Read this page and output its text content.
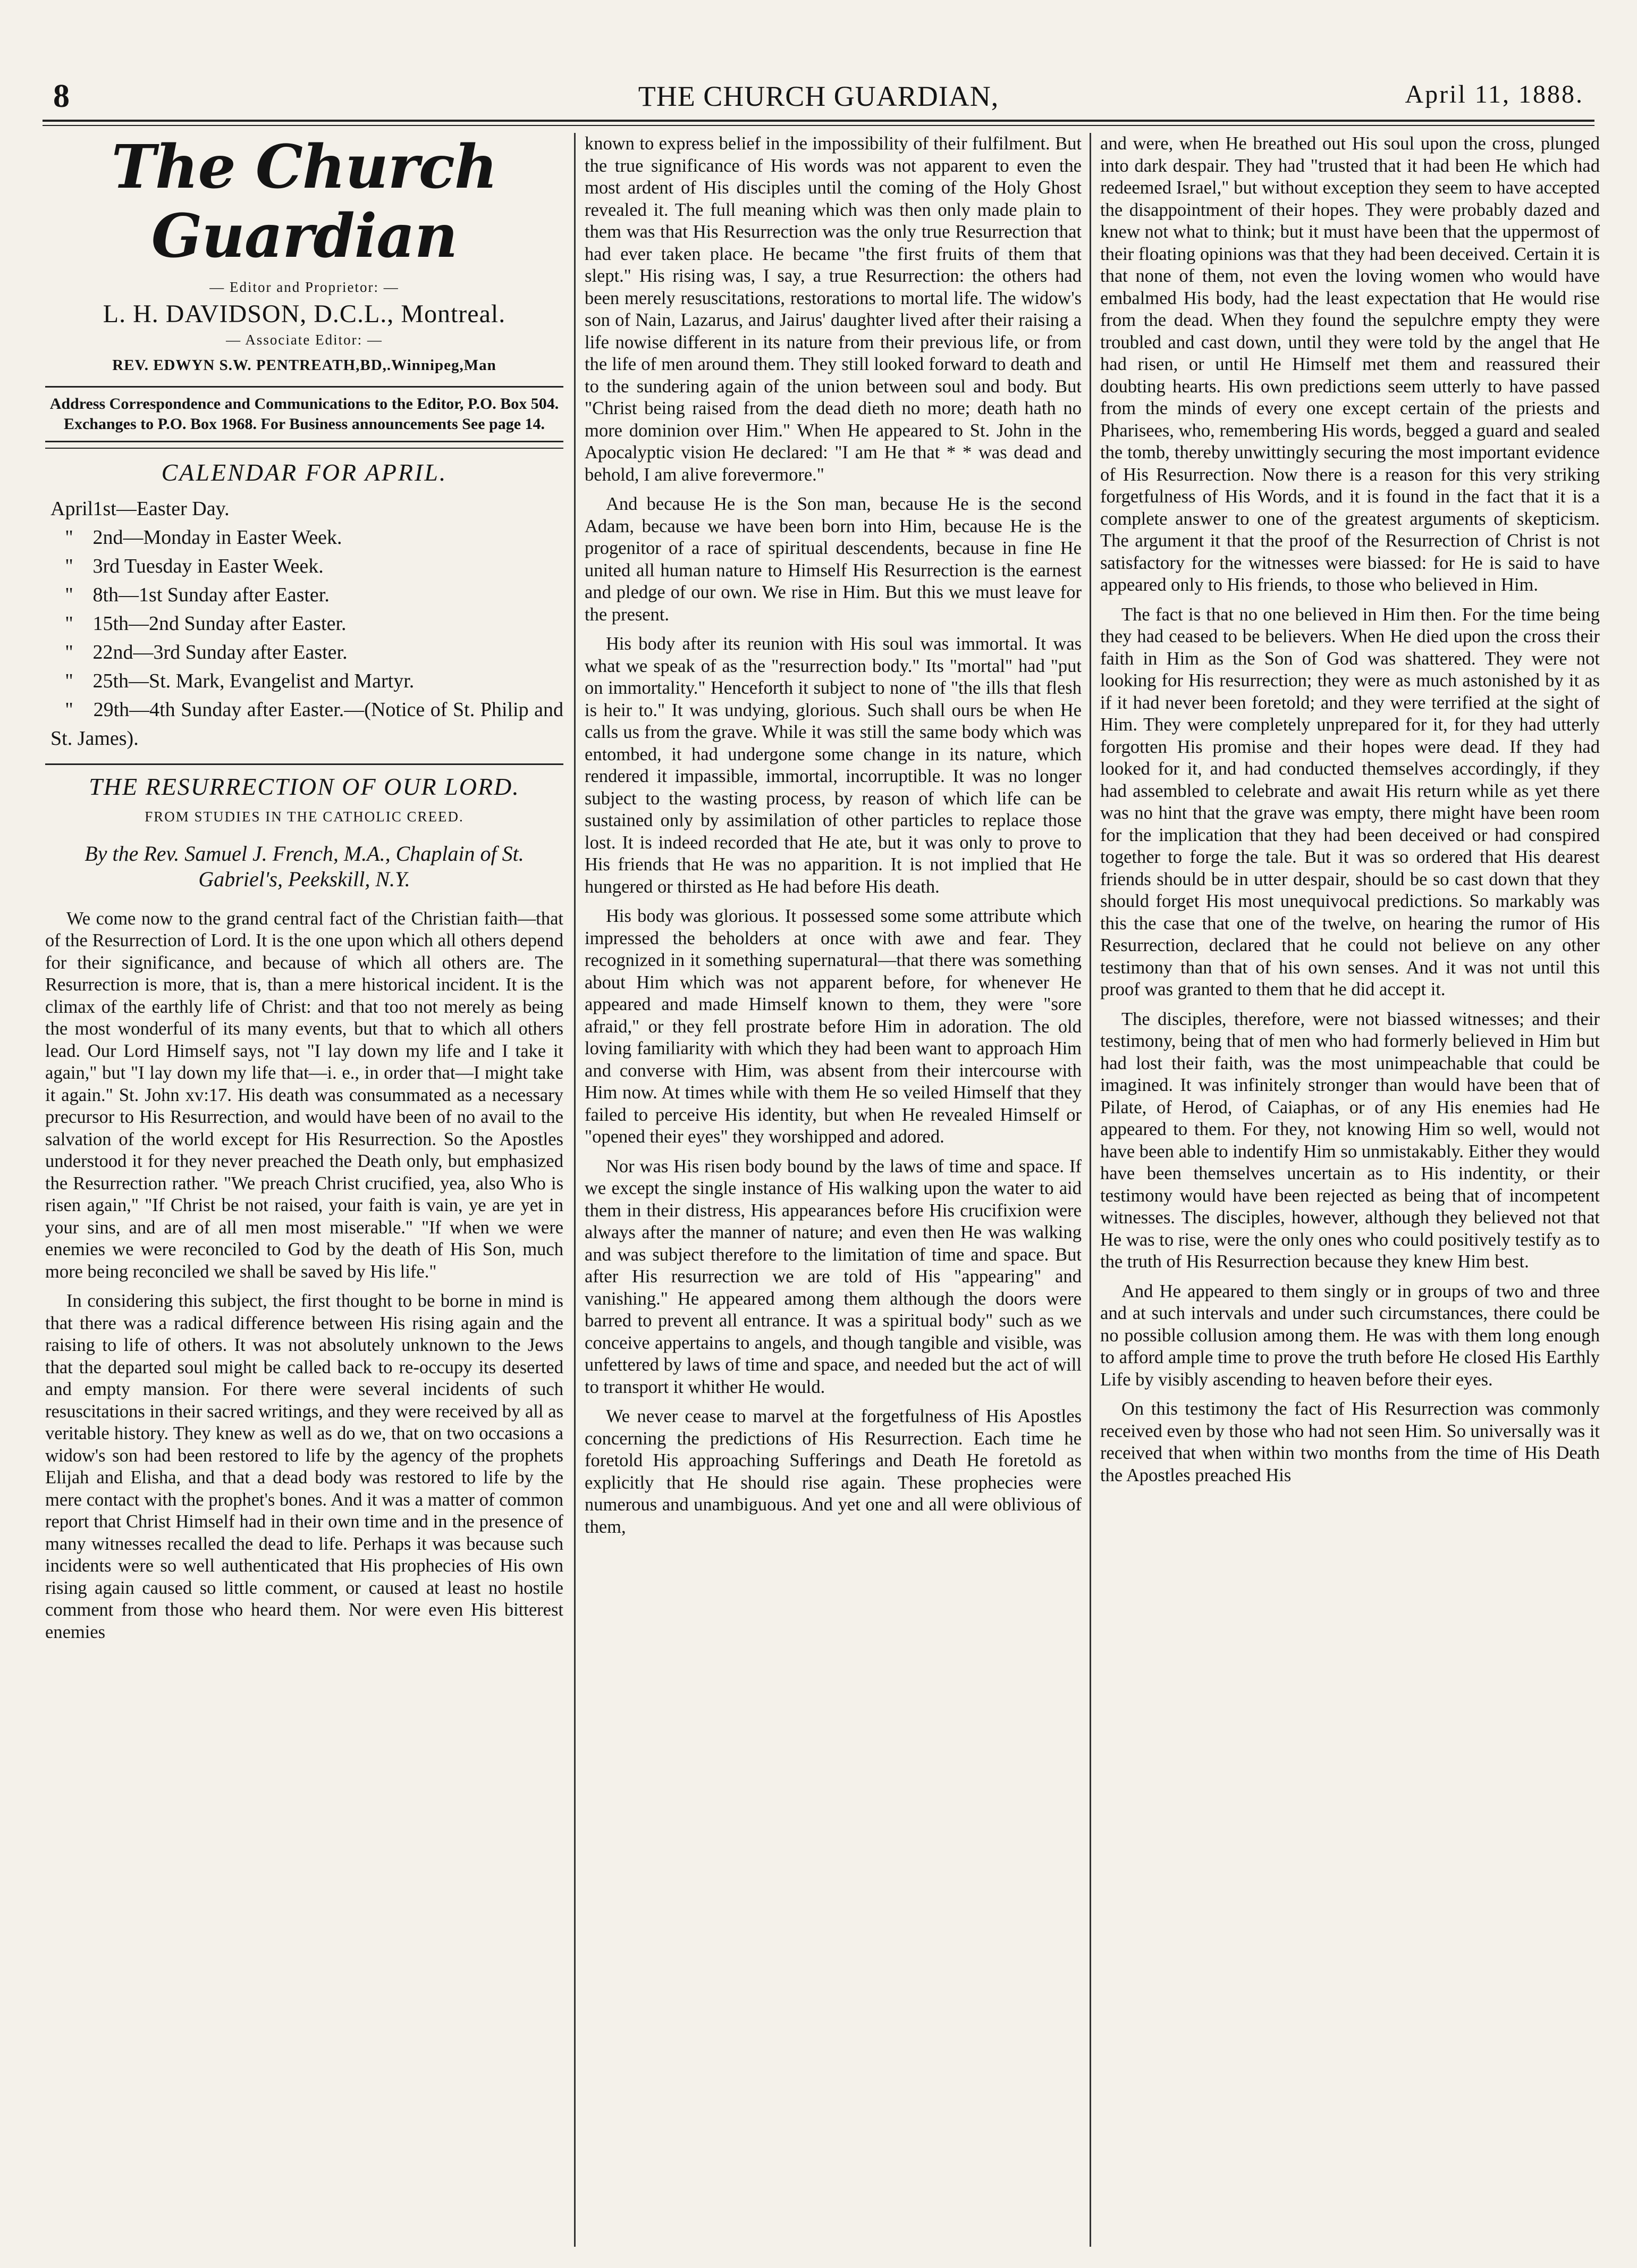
8	THE CHURCH GUARDIAN,	April 11, 1888.
The Church Guardian
— Editor and Proprietor: —
L. H. DAVIDSON, D.C.L., Montreal.
— Associate Editor: —
REV. EDWYN S.W. PENTREATH,BD,.Winnipeg,Man
Address Correspondence and Communications to the Editor, P.O. Box 504. Exchanges to P.O. Box 1968. For Business announcements See page 14.
CALENDAR FOR APRIL.
April 1st—Easter Day.
" 2nd—Monday in Easter Week.
" 3rd Tuesday in Easter Week.
" 8th—1st Sunday after Easter.
" 15th—2nd Sunday after Easter.
" 22nd—3rd Sunday after Easter.
" 25th—St. Mark, Evangelist and Martyr.
" 29th—4th Sunday after Easter.—(Notice of St. Philip and St. James).
THE RESURRECTION OF OUR LORD.
FROM STUDIES IN THE CATHOLIC CREED.
By the Rev. Samuel J. French, M.A., Chaplain of St. Gabriel's, Peekskill, N.Y.

We come now to the grand central fact of the Christian faith—that of the Resurrection of Lord. It is the one upon which all others depend for their significance, and because of which all others are. The Resurrection is more, that is, than a mere historical incident. It is the climax of the earthly life of Christ: and that too not merely as being the most wonderful of its many events, but that to which all others lead. Our Lord Himself says, not "I lay down my life and I take it again," but "I lay down my life that—i. e., in order that—I might take it again." St. John xv:17. His death was consummated as a necessary precursor to His Resurrection, and would have been of no avail to the salvation of the world except for His Resurrection. So the Apostles understood it for they never preached the Death only, but emphasized the Resurrection rather. "We preach Christ crucified, yea, also Who is risen again," "If Christ be not raised, your faith is vain, ye are yet in your sins, and are of all men most miserable." "If when we were enemies we were reconciled to God by the death of His Son, much more being reconciled we shall be saved by His life."

In considering this subject, the first thought to be borne in mind is that there was a radical difference between His rising again and the raising to life of others. It was not absolutely unknown to the Jews that the departed soul might be called back to re-occupy its deserted and empty mansion. For there were several incidents of such resuscitations in their sacred writings, and they were received by all as veritable history. They knew as well as do we, that on two occasions a widow's son had been restored to life by the agency of the prophets Elijah and Elisha, and that a dead body was restored to life by the mere contact with the prophet's bones. And it was a matter of common report that Christ Himself had in their own time and in the presence of many witnesses recalled the dead to life. Perhaps it was because such incidents were so well authenticated that His prophecies of His own rising again caused so little comment, or caused at least no hostile comment from those who heard them. Nor were even His bitterest enemies

known to express belief in the impossibility of their fulfilment. But the true significance of His words was not apparent to even the most ardent of His disciples until the coming of the Holy Ghost revealed it. The full meaning which was then only made plain to them was that His Resurrection was the only true Resurrection that had ever taken place. He became "the first fruits of them that slept." His rising was, I say, a true Resurrection: the others had been merely resuscitations, restorations to mortal life. The widow's son of Nain, Lazarus, and Jairus' daughter lived after their raising a life nowise different in its nature from their previous life, or from the life of men around them. They still looked forward to death and to the sundering again of the union between soul and body. But "Christ being raised from the dead dieth no more; death hath no more dominion over Him." When He appeared to St. John in the Apocalyptic vision He declared: "I am He that * * was dead and behold, I am alive forevermore."

And because He is the Son man, because He is the second Adam, because we have been born into Him, because He is the progenitor of a race of spiritual descendents, because in fine He united all human nature to Himself His Resurrection is the earnest and pledge of our own. We rise in Him. But this we must leave for the present.

His body after its reunion with His soul was immortal. It was what we speak of as the "resurrection body." Its "mortal" had "put on immortality." Henceforth it subject to none of "the ills that flesh is heir to." It was undying, glorious. Such shall ours be when He calls us from the grave. While it was still the same body which was entombed, it had undergone some change in its nature, which rendered it impassible, immortal, incorruptible. It was no longer subject to the wasting process, by reason of which life can be sustained only by assimilation of other particles to replace those lost. It is indeed recorded that He ate, but it was only to prove to His friends that He was no apparition. It is not implied that He hungered or thirsted as He had before His death.

His body was glorious. It possessed some some attribute which impressed the beholders at once with awe and fear. They recognized in it something supernatural—that there was something about Him which was not apparent before, for whenever He appeared and made Himself known to them, they were "sore afraid," or they fell prostrate before Him in adoration. The old loving familiarity with which they had been want to approach Him and converse with Him, was absent from their intercourse with Him now. At times while with them He so veiled Himself that they failed to perceive His identity, but when He revealed Himself or "opened their eyes" they worshipped and adored.

Nor was His risen body bound by the laws of time and space. If we except the single instance of His walking upon the water to aid them in their distress, His appearances before His crucifixion were always after the manner of nature; and even then He was walking and was subject therefore to the limitation of time and space. But after His resurrection we are told of His "appearing" and vanishing." He appeared among them although the doors were barred to prevent all entrance. It was a spiritual body" such as we conceive appertains to angels, and though tangible and visible, was unfettered by laws of time and space, and needed but the act of will to transport it whither He would.

We never cease to marvel at the forgetfulness of His Apostles concerning the predictions of His Resurrection. Each time he foretold His approaching Sufferings and Death He foretold as explicitly that He should rise again. These prophecies were numerous and unambiguous. And yet one and all were oblivious of them,

and were, when He breathed out His soul upon the cross, plunged into dark despair. They had "trusted that it had been He which had redeemed Israel," but without exception they seem to have accepted the disappointment of their hopes. They were probably dazed and knew not what to think; but it must have been that the uppermost of their floating opinions was that they had been deceived. Certain it is that none of them, not even the loving women who would have embalmed His body, had the least expectation that He would rise from the dead. When they found the sepulchre empty they were troubled and cast down, until they were told by the angel that He had risen, or until He Himself met them and reassured their doubting hearts. His own predictions seem utterly to have passed from the minds of every one except certain of the priests and Pharisees, who, remembering His words, begged a guard and sealed the tomb, thereby unwittingly securing the most important evidence of His Resurrection. Now there is a reason for this very striking forgetfulness of His Words, and it is found in the fact that it is a complete answer to one of the greatest arguments of skepticism. The argument it that the proof of the Resurrection of Christ is not satisfactory for the witnesses were biassed: for He is said to have appeared only to His friends, to those who believed in Him.

The fact is that no one believed in Him then. For the time being they had ceased to be believers. When He died upon the cross their faith in Him as the Son of God was shattered. They were not looking for His resurrection; they were as much astonished by it as if it had never been foretold; and they were terrified at the sight of Him. They were completely unprepared for it, for they had utterly forgotten His promise and their hopes were dead. If they had looked for it, and had conducted themselves accordingly, if they had assembled to celebrate and await His return while as yet there was no hint that the grave was empty, there might have been room for the implication that they had been deceived or had conspired together to forge the tale. But it was so ordered that His dearest friends should be in utter despair, should be so cast down that they should forget His most unequivocal predictions. So markably was this the case that one of the twelve, on hearing the rumor of His Resurrection, declared that he could not believe on any other testimony than that of his own senses. And it was not until this proof was granted to them that he did accept it.

The disciples, therefore, were not biassed witnesses; and their testimony, being that of men who had formerly believed in Him but had lost their faith, was the most unimpeachable that could be imagined. It was infinitely stronger than would have been that of Pilate, of Herod, of Caiaphas, or of any His enemies had He appeared to them. For they, not knowing Him so well, would not have been able to indentify Him so unmistakably. Either they would have been themselves uncertain as to His indentity, or their testimony would have been rejected as being that of incompetent witnesses. The disciples, however, although they believed not that He was to rise, were the only ones who could positively testify as to the truth of His Resurrection because they knew Him best.

And He appeared to them singly or in groups of two and three and at such intervals and under such circumstances, there could be no possible collusion among them. He was with them long enough to afford ample time to prove the truth before He closed His Earthly Life by visibly ascending to heaven before their eyes.

On this testimony the fact of His Resurrection was commonly received even by those who had not seen Him. So universally was it received that when within two months from the time of His Death the Apostles preached His
